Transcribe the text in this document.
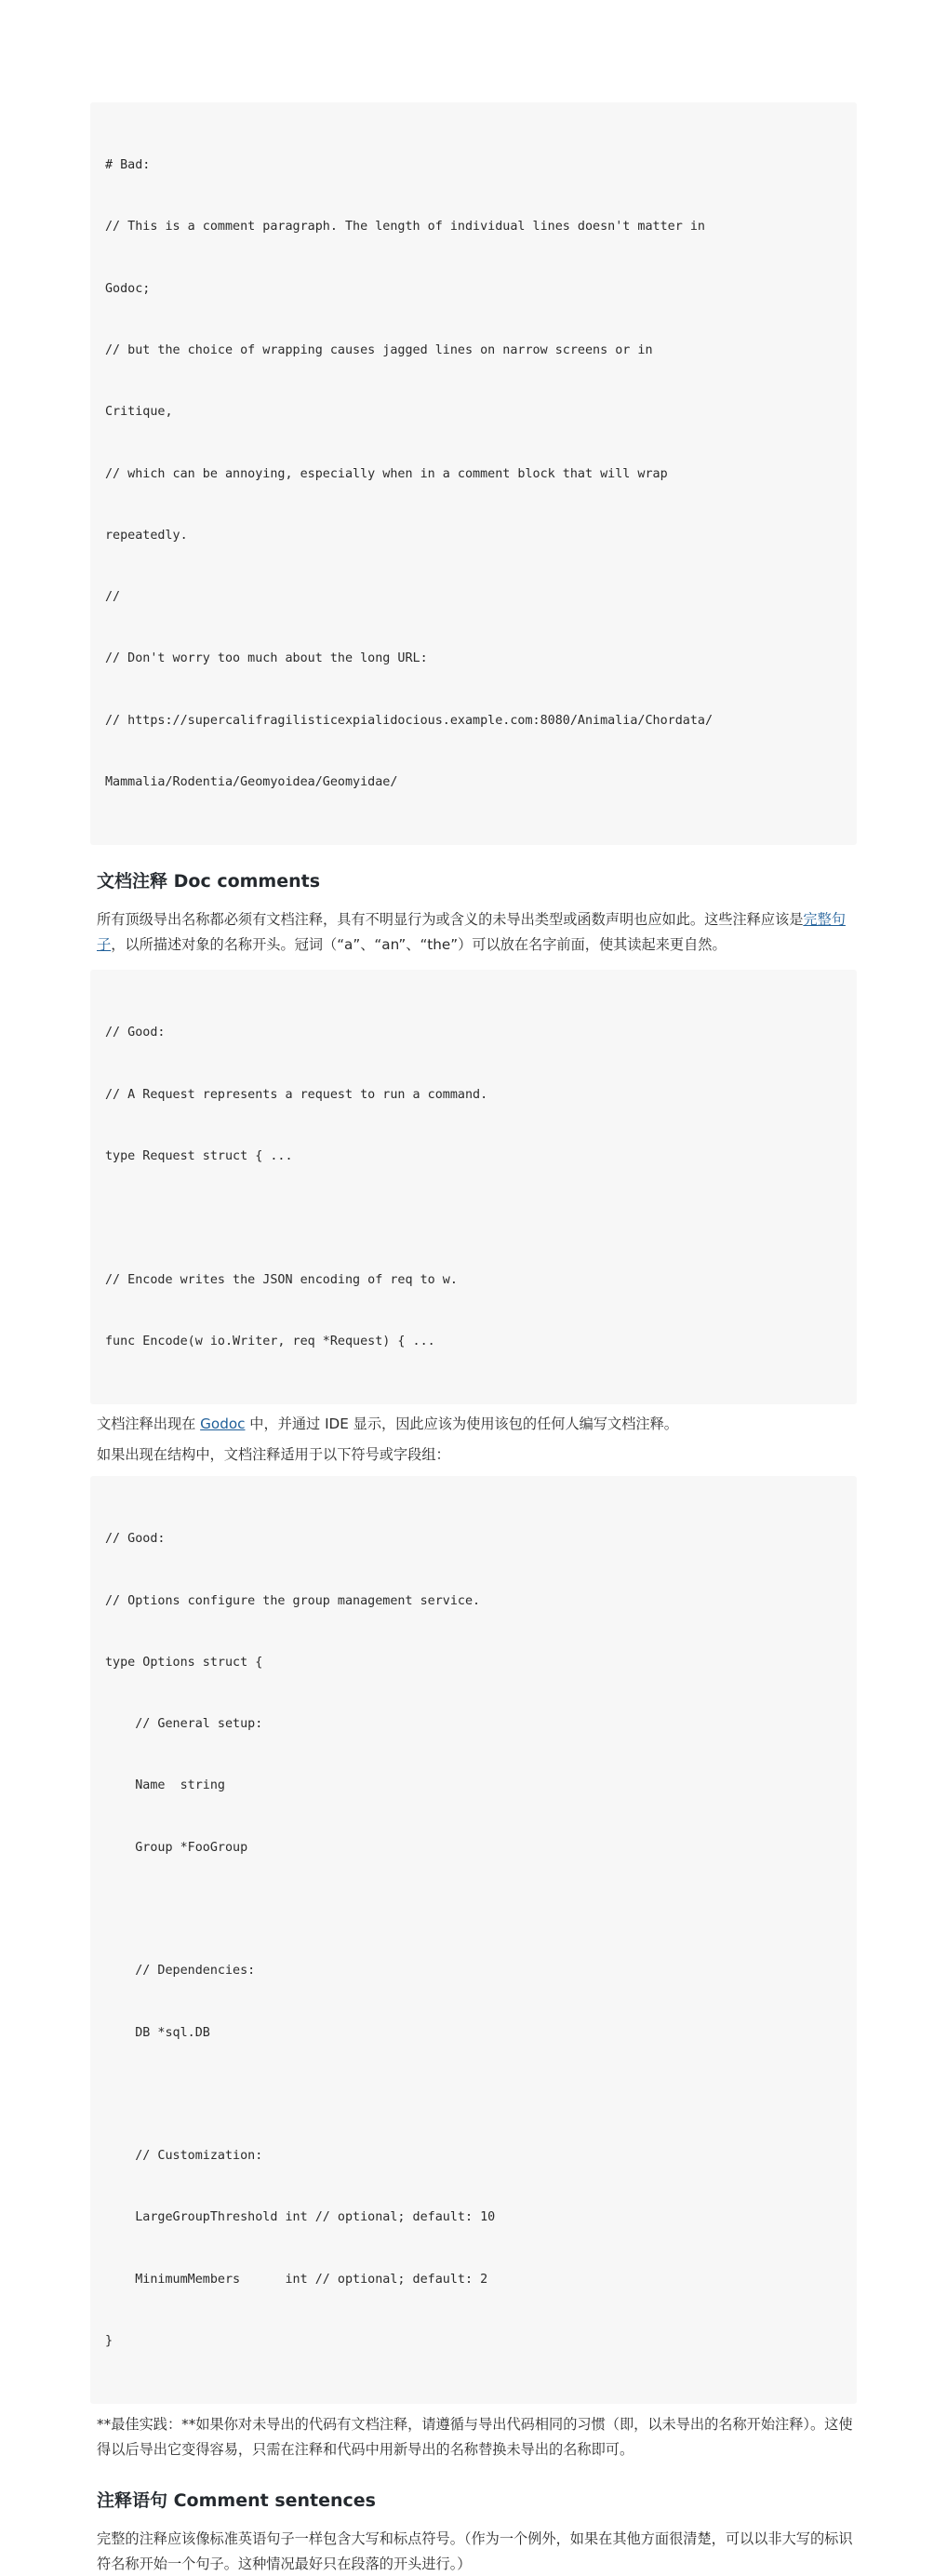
# Bad:

// This is a comment paragraph. The length of individual lines doesn't matter in

Godoc;

// but the choice of wrapping causes jagged lines on narrow screens or in

Critique,

// which can be annoying, especially when in a comment block that will wrap

repeatedly.

//

// Don't worry too much about the long URL:

// https://supercalifragilisticexpialidocious.example.com:8080/Animalia/Chordata/

Mammalia/Rodentia/Geomyoidea/Geomyidae/

文档注释 Doc comments

所有顶级导出名称都必须有文档注释，具有不明显行为或含义的未导出类型或函数声明也应如此。这些注释应该是完整句子，以所描述对象的名称开头。冠词（“a”、“an”、“the”）可以放在名字前面，使其读起来更自然。

// Good:

// A Request represents a request to run a command.

type Request struct { ...

// Encode writes the JSON encoding of req to w.

func Encode(w io.Writer, req *Request) { ...

文档注释出现在 Godoc 中，并通过 IDE 显示，因此应该为使用该包的任何人编写文档注释。

如果出现在结构中，文档注释适用于以下符号或字段组：

// Good:

// Options configure the group management service.

type Options struct {

// General setup:

Name  string

Group *FooGroup

// Dependencies:

DB *sql.DB

// Customization:

LargeGroupThreshold int // optional; default: 10

MinimumMembers      int // optional; default: 2

}

**最佳实践：**如果你对未导出的代码有文档注释，请遵循与导出代码相同的习惯（即，以未导出的名称开始注释）。这使得以后导出它变得容易，只需在注释和代码中用新导出的名称替换未导出的名称即可。

注释语句 Comment sentences

完整的注释应该像标准英语句子一样包含大写和标点符号。（作为一个例外，如果在其他方面很清楚，可以以非大写的标识符名称开始一个句子。这种情况最好只在段落的开头进行。）
